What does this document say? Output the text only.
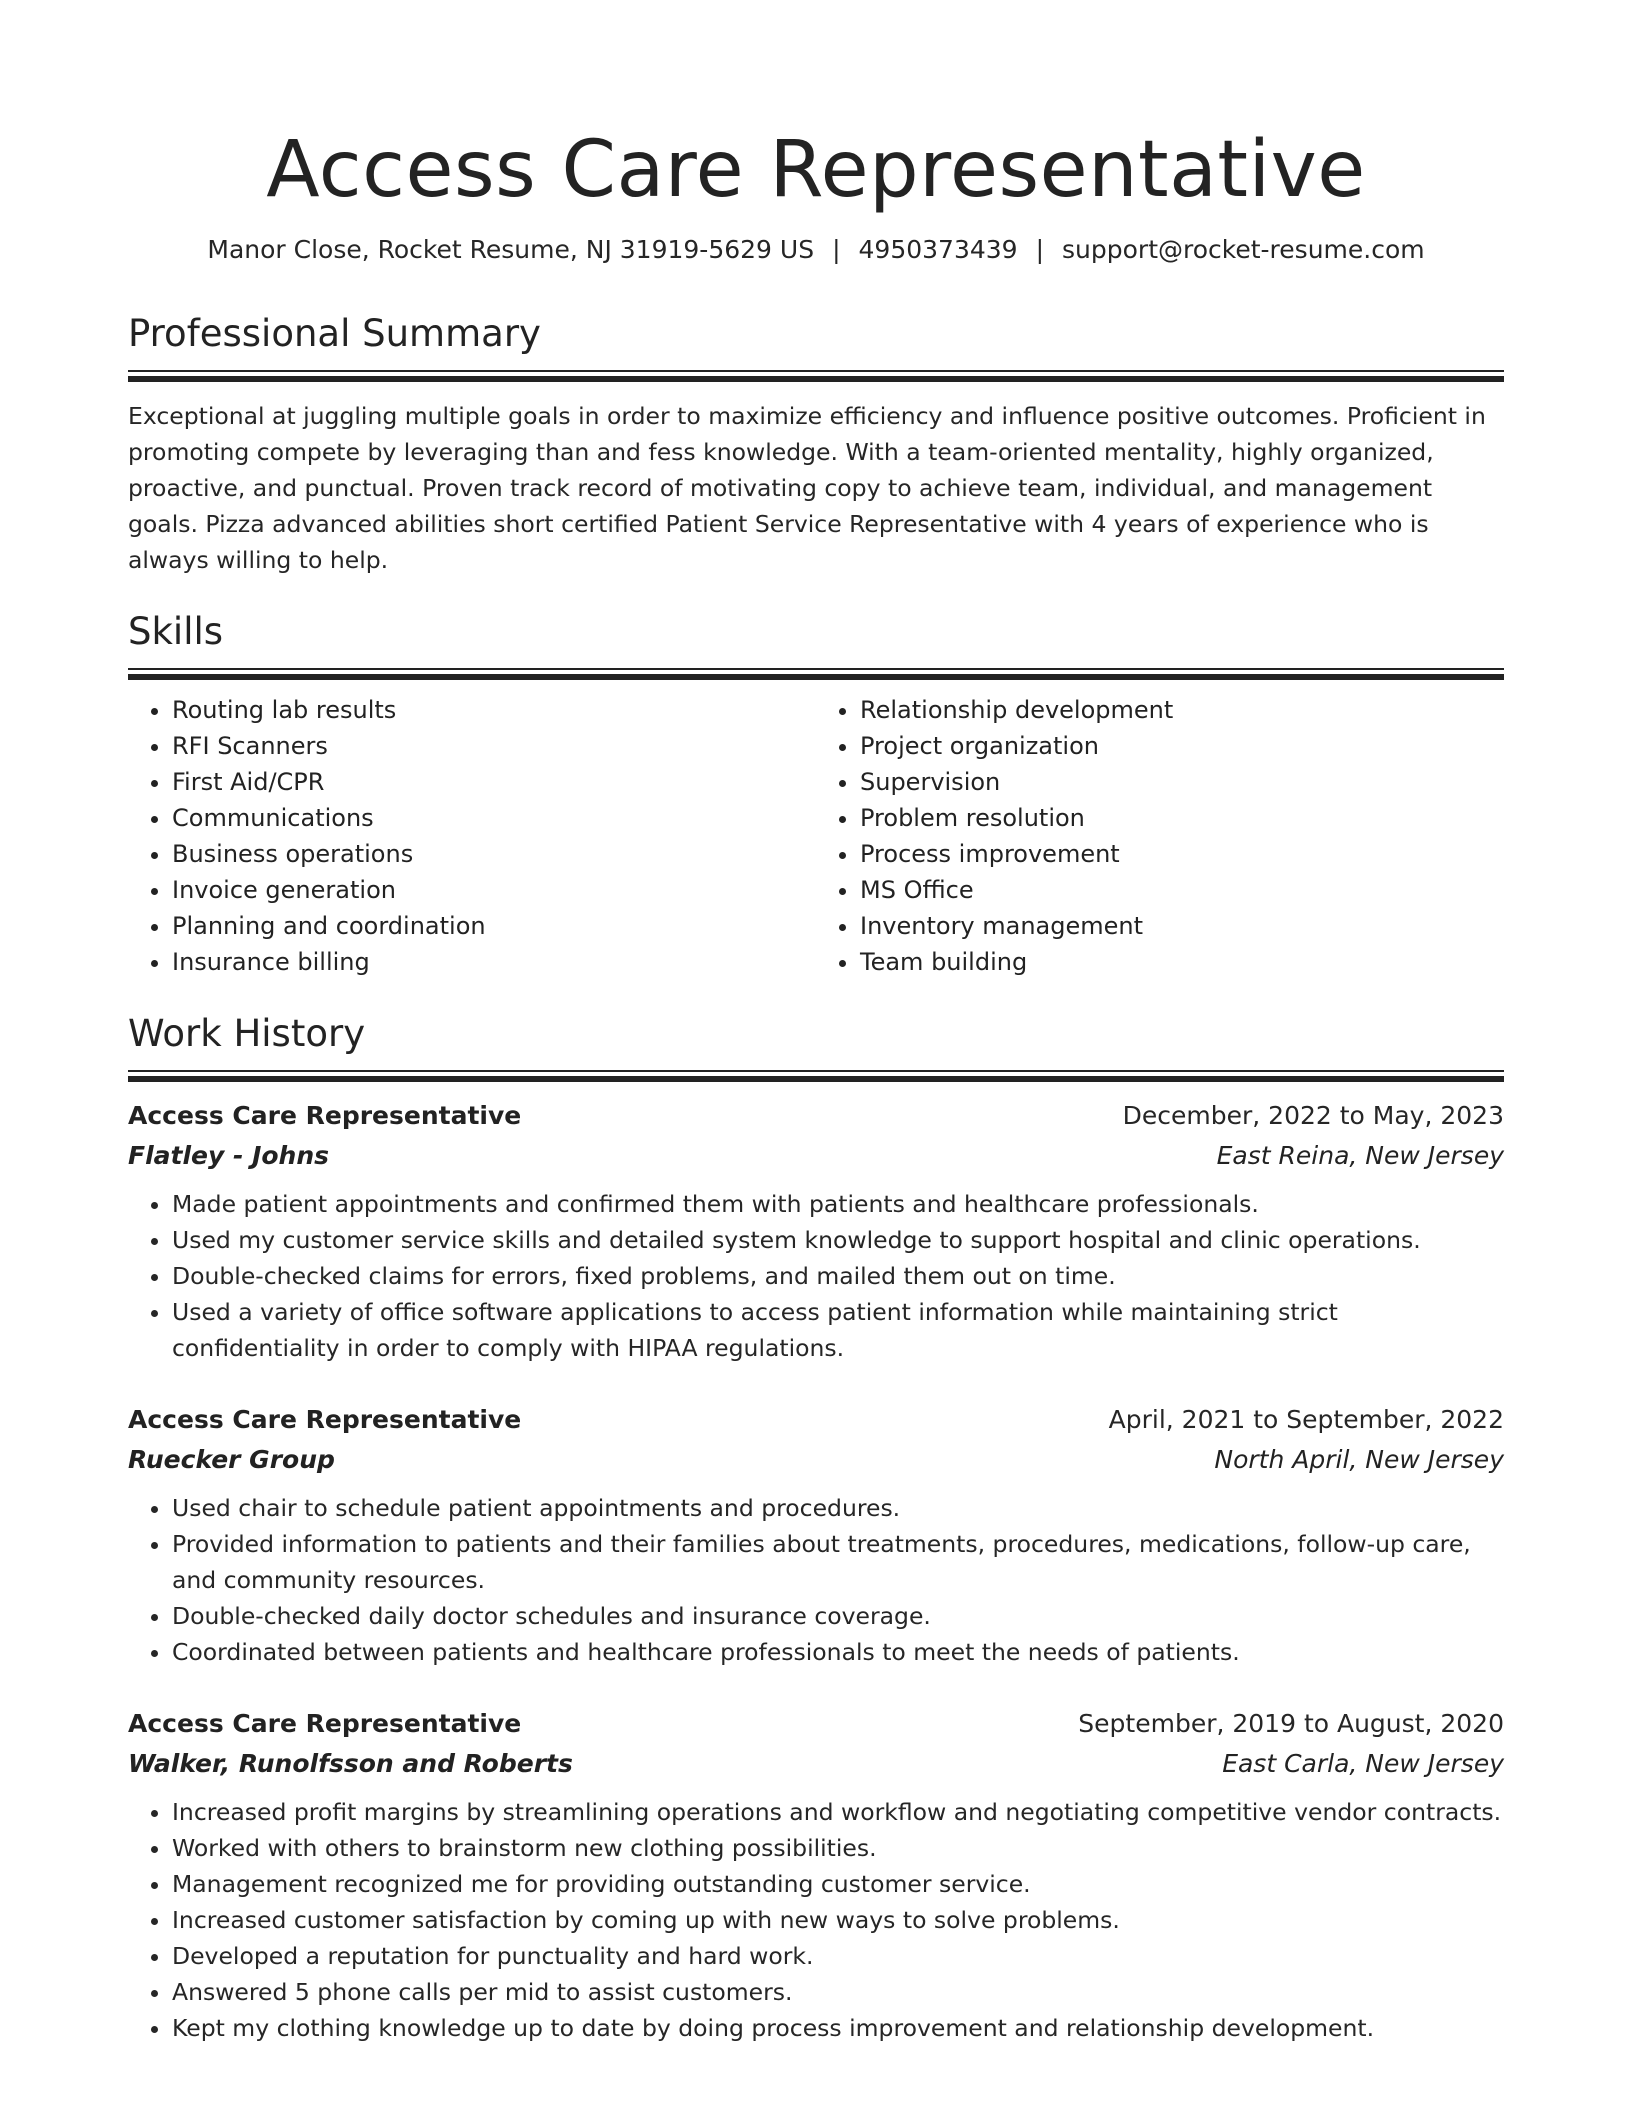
Access Care Representative
Manor Close, Rocket Resume, NJ 31919-5629 US | 4950373439 | support@rocket-resume.com
Professional Summary
Exceptional at juggling multiple goals in order to maximize efficiency and influence positive outcomes. Proficient in promoting compete by leveraging than and fess knowledge. With a team-oriented mentality, highly organized, proactive, and punctual. Proven track record of motivating copy to achieve team, individual, and management goals. Pizza advanced abilities short certified Patient Service Representative with 4 years of experience who is always willing to help.
Skills
• Routing lab results
• RFI Scanners
• First Aid/CPR
• Communications
• Business operations
• Invoice generation
• Planning and coordination
• Insurance billing
• Relationship development
• Project organization
• Supervision
• Problem resolution
• Process improvement
• MS Office
• Inventory management
• Team building
Work History
Access Care Representative	December, 2022 to May, 2023
Flatley - Johns	East Reina, New Jersey
• Made patient appointments and confirmed them with patients and healthcare professionals.
• Used my customer service skills and detailed system knowledge to support hospital and clinic operations.
• Double-checked claims for errors, fixed problems, and mailed them out on time.
• Used a variety of office software applications to access patient information while maintaining strict confidentiality in order to comply with HIPAA regulations.
Access Care Representative	April, 2021 to September, 2022
Ruecker Group	North April, New Jersey
• Used chair to schedule patient appointments and procedures.
• Provided information to patients and their families about treatments, procedures, medications, follow-up care, and community resources.
• Double-checked daily doctor schedules and insurance coverage.
• Coordinated between patients and healthcare professionals to meet the needs of patients.
Access Care Representative	September, 2019 to August, 2020
Walker, Runolfsson and Roberts	East Carla, New Jersey
• Increased profit margins by streamlining operations and workflow and negotiating competitive vendor contracts.
• Worked with others to brainstorm new clothing possibilities.
• Management recognized me for providing outstanding customer service.
• Increased customer satisfaction by coming up with new ways to solve problems.
• Developed a reputation for punctuality and hard work.
• Answered 5 phone calls per mid to assist customers.
• Kept my clothing knowledge up to date by doing process improvement and relationship development.
